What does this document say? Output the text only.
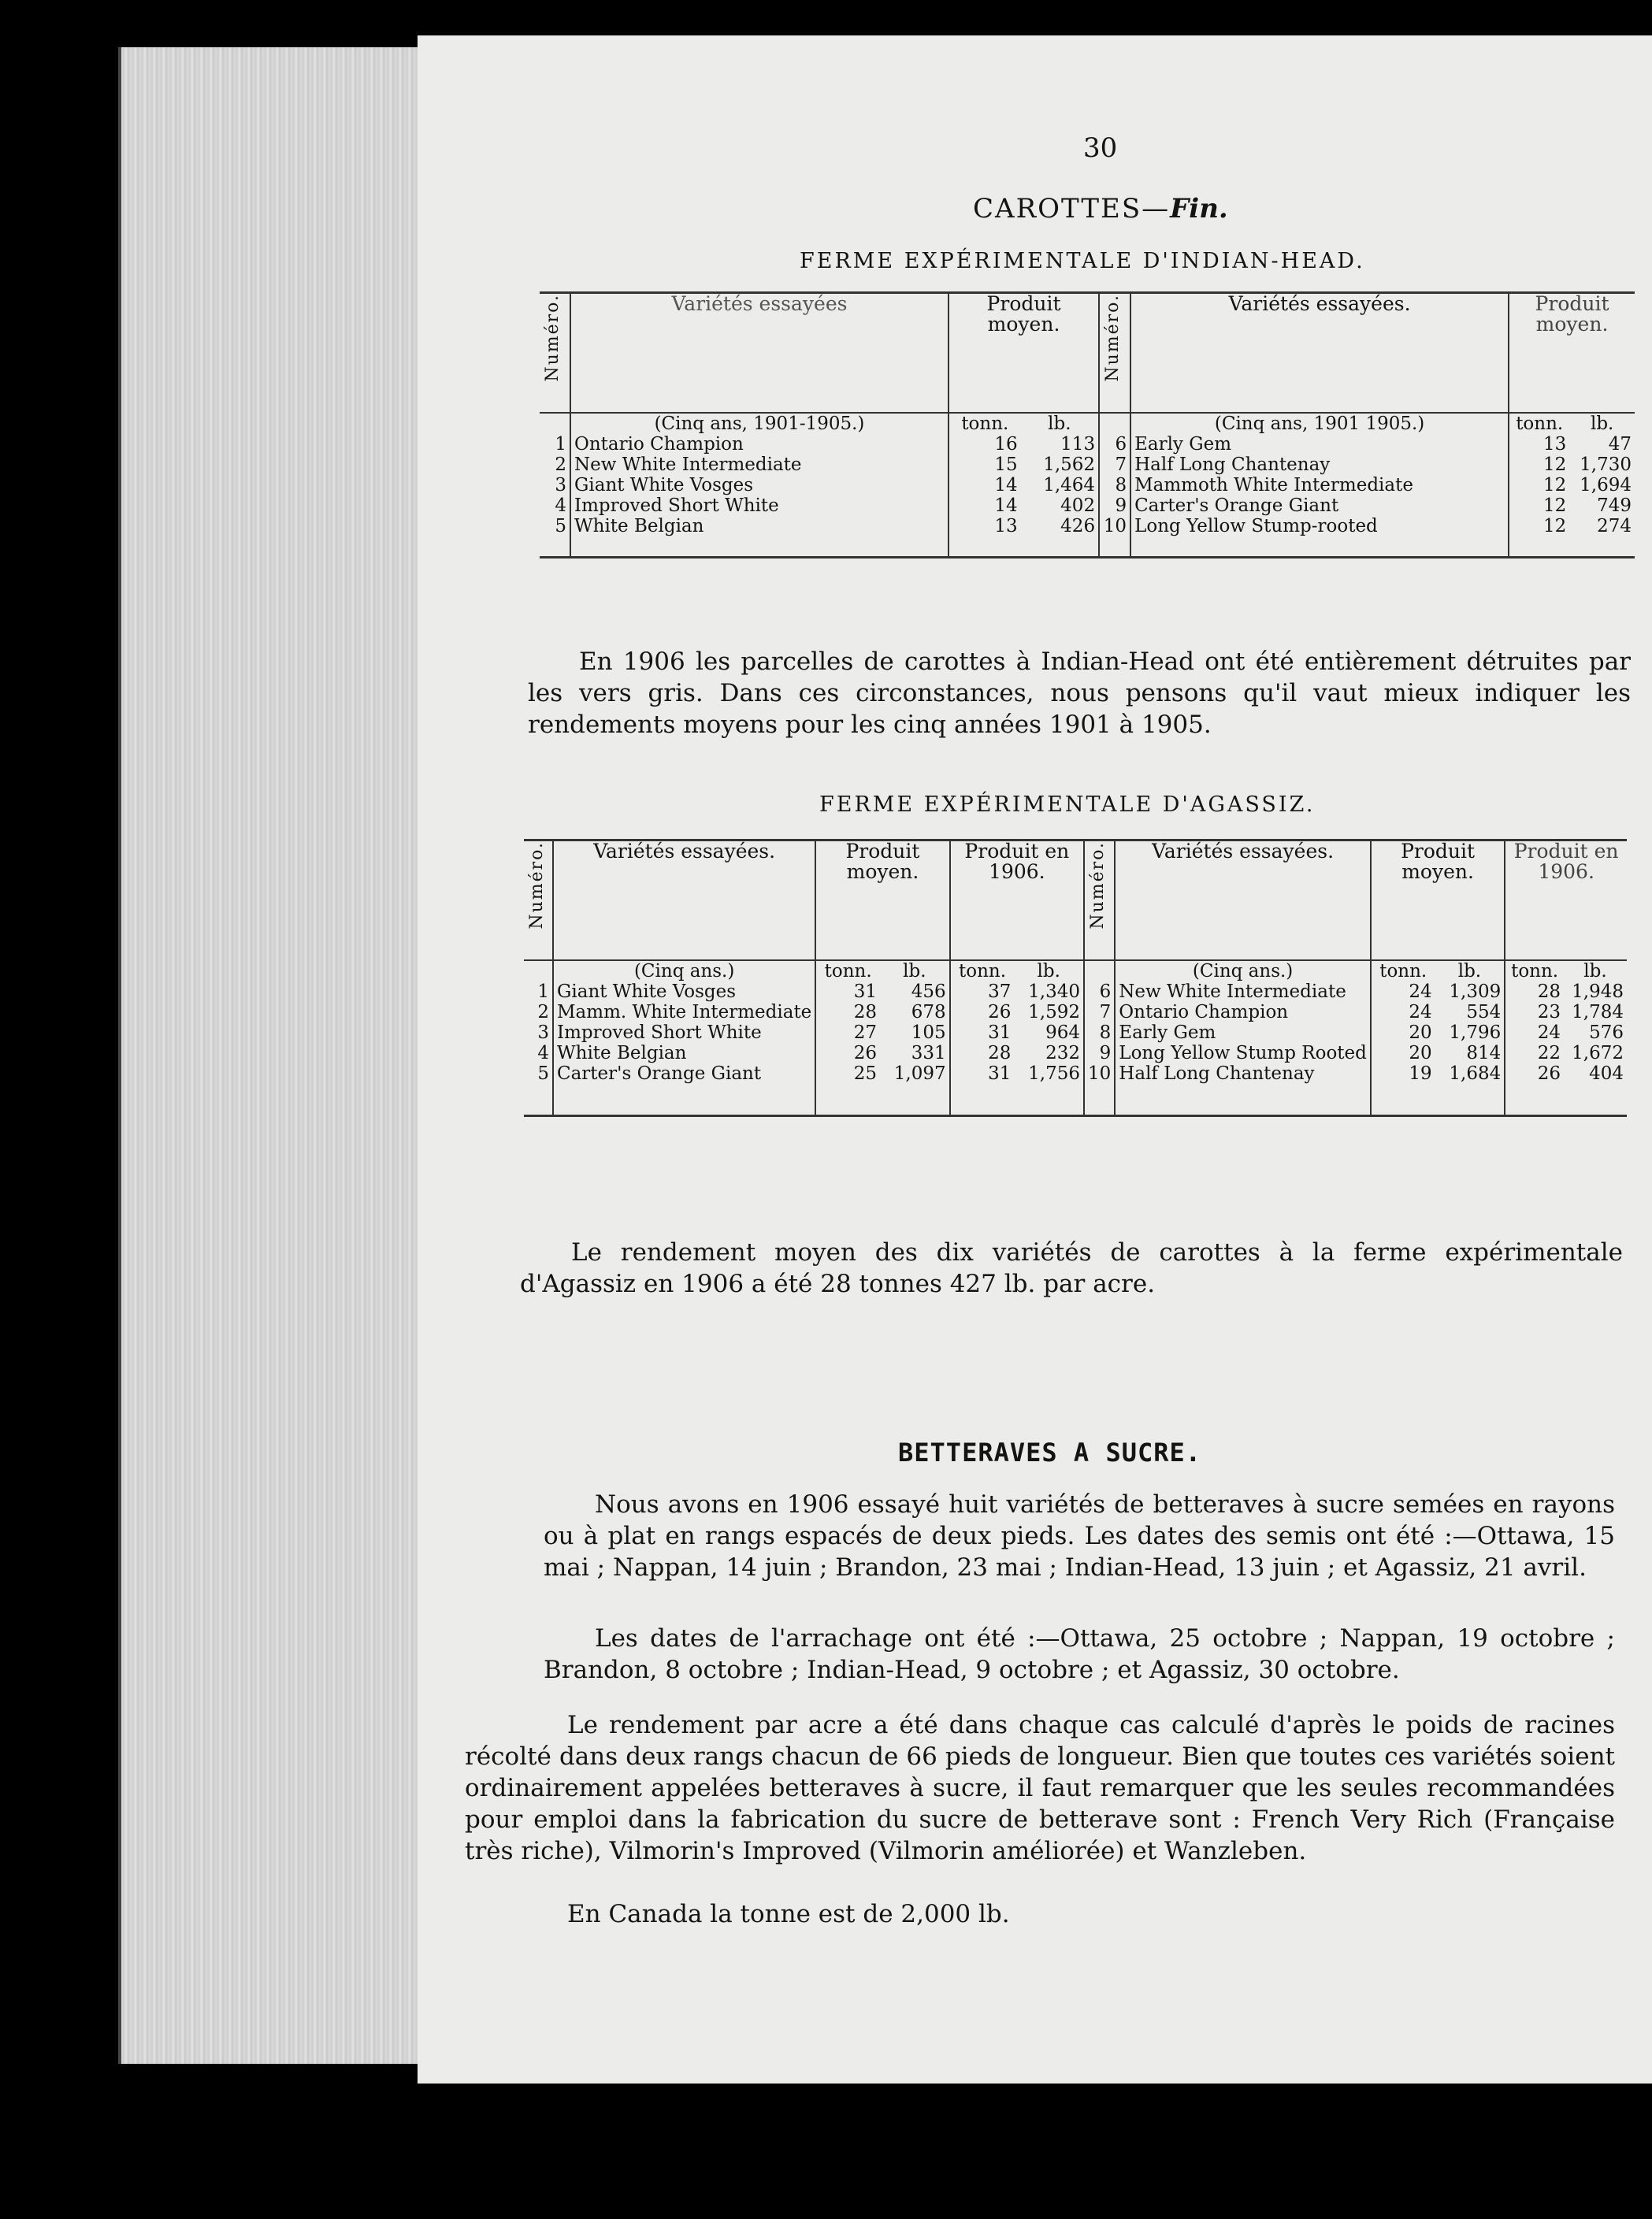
30
CAROTTES—Fin.
FERME EXPÉRIMENTALE D'INDIAN-HEAD.
Numéro.	Variétés essayées	Produit moyen.		Numéro.	Variétés essayées.	Produit moyen.	
	(Cinq ans, 1901-1905.)	tonn.	lb.		(Cinq ans, 1901 1905.)	tonn.	lb.
1	Ontario Champion	16	113	6	Early Gem	13	47
2	New White Intermediate	15	1,562	7	Half Long Chantenay	12	1,730
3	Giant White Vosges	14	1,464	8	Mammoth White Intermediate	12	1,694
4	Improved Short White	14	402	9	Carter's Orange Giant	12	749
5	White Belgian	13	426	10	Long Yellow Stump-rooted	12	274

En 1906 les parcelles de carottes à Indian-Head ont été entièrement détruites par les vers gris. Dans ces circonstances, nous pensons qu'il vaut mieux indiquer les rendements moyens pour les cinq années 1901 à 1905.
FERME EXPÉRIMENTALE D'AGASSIZ.
Numéro.	Variétés essayées.	Produit moyen.		Produit en 1906.		Numéro.	Variétés essayées.	Produit moyen.		Produit en 1906.	
	(Cinq ans.)	tonn.	lb.	tonn.	lb.		(Cinq ans.)	tonn.	lb.	tonn.	lb.
1	Giant White Vosges	31	456	37	1,340	6	New White Intermediate	24	1,309	28	1,948
2	Mamm. White Intermediate	28	678	26	1,592	7	Ontario Champion	24	554	23	1,784
3	Improved Short White	27	105	31	964	8	Early Gem	20	1,796	24	576
4	White Belgian	26	331	28	232	9	Long Yellow Stump Rooted	20	814	22	1,672
5	Carter's Orange Giant	25	1,097	31	1,756	10	Half Long Chantenay	19	1,684	26	404

Le rendement moyen des dix variétés de carottes à la ferme expérimentale d'Agassiz en 1906 a été 28 tonnes 427 lb. par acre.
BETTERAVES A SUCRE.
Nous avons en 1906 essayé huit variétés de betteraves à sucre semées en rayons ou à plat en rangs espacés de deux pieds. Les dates des semis ont été :—Ottawa, 15 mai ; Nappan, 14 juin ; Brandon, 23 mai ; Indian-Head, 13 juin ; et Agassiz, 21 avril.
Les dates de l'arrachage ont été :—Ottawa, 25 octobre ; Nappan, 19 octobre ; Brandon, 8 octobre ; Indian-Head, 9 octobre ; et Agassiz, 30 octobre.
Le rendement par acre a été dans chaque cas calculé d'après le poids de racines récolté dans deux rangs chacun de 66 pieds de longueur. Bien que toutes ces variétés soient ordinairement appelées betteraves à sucre, il faut remarquer que les seules recommandées pour emploi dans la fabrication du sucre de betterave sont : French Very Rich (Française très riche), Vilmorin's Improved (Vilmorin améliorée) et Wanzleben.
En Canada la tonne est de 2,000 lb.
